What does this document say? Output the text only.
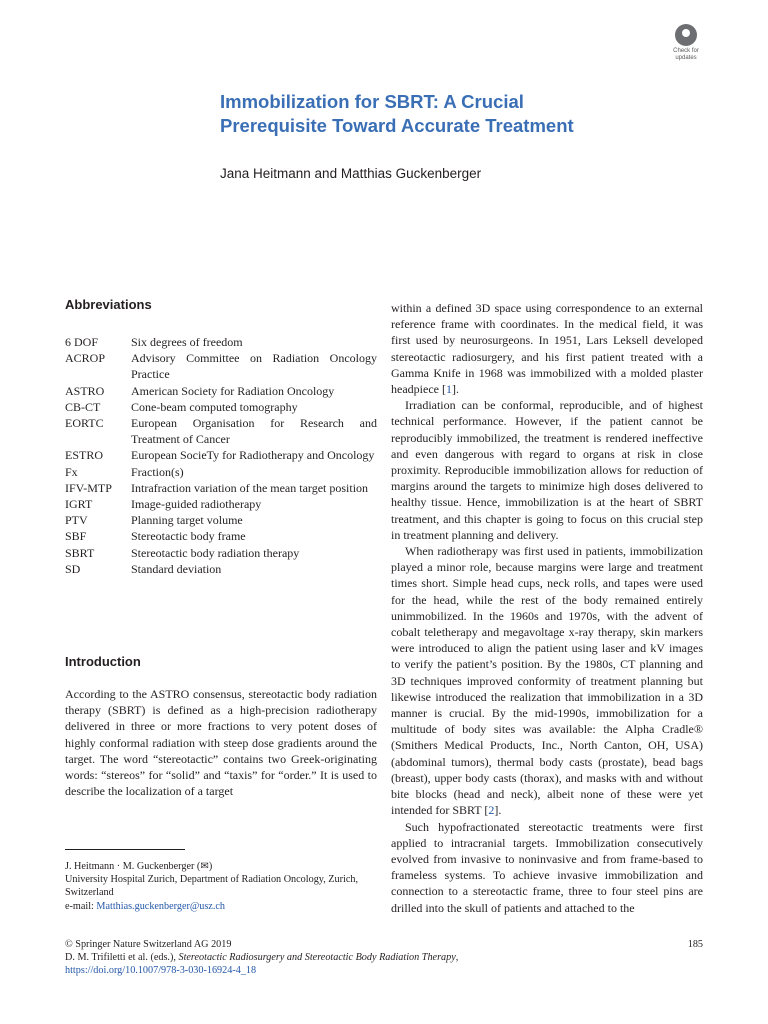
Check for
updates
Immobilization for SBRT: A Crucial
Prerequisite Toward Accurate Treatment
Jana Heitmann and Matthias Guckenberger
Abbreviations
6 DOF	Six degrees of freedom
ACROP	Advisory Committee on Radiation Oncology Practice
ASTRO	American Society for Radiation Oncology
CB-CT	Cone-beam computed tomography
EORTC	European Organisation for Research and Treatment of Cancer
ESTRO	European SocieTy for Radiotherapy and Oncology
Fx	Fraction(s)
IFV-MTP	Intrafraction variation of the mean target position
IGRT	Image-guided radiotherapy
PTV	Planning target volume
SBF	Stereotactic body frame
SBRT	Stereotactic body radiation therapy
SD	Standard deviation
Introduction

According to the ASTRO consensus, stereotactic body radiation therapy (SBRT) is defined as a high-precision radiotherapy delivered in three or more fractions to very potent doses of highly conformal radiation with steep dose gradients around the target. The word “stereotactic” contains two Greek-originating words: “stereos” for “solid” and “taxis” for “order.” It is used to describe the localization of a target

within a defined 3D space using correspondence to an external reference frame with coordinates. In the medical field, it was first used by neurosurgeons. In 1951, Lars Leksell developed stereotactic radiosurgery, and his first patient treated with a Gamma Knife in 1968 was immobilized with a molded plaster headpiece [1].

Irradiation can be conformal, reproducible, and of highest technical performance. However, if the patient cannot be reproducibly immobilized, the treatment is rendered ineffective and even dangerous with regard to organs at risk in close proximity. Reproducible immobilization allows for reduction of margins around the targets to minimize high doses delivered to healthy tissue. Hence, immobilization is at the heart of SBRT treatment, and this chapter is going to focus on this crucial step in treatment planning and delivery.

When radiotherapy was first used in patients, immobilization played a minor role, because margins were large and treatment times short. Simple head cups, neck rolls, and tapes were used for the head, while the rest of the body remained entirely unimmobilized. In the 1960s and 1970s, with the advent of cobalt teletherapy and megavoltage x-ray therapy, skin markers were introduced to align the patient using laser and kV images to verify the patient’s position. By the 1980s, CT planning and 3D techniques improved conformity of treatment planning but likewise introduced the realization that immobilization in a 3D manner is crucial. By the mid-1990s, immobilization for a multitude of body sites was available: the Alpha Cradle® (Smithers Medical Products, Inc., North Canton, OH, USA) (abdominal tumors), thermal body casts (prostate), bead bags (breast), upper body casts (thorax), and masks with and without bite blocks (head and neck), albeit none of these were yet intended for SBRT [2].

Such hypofractionated stereotactic treatments were first applied to intracranial targets. Immobilization consecutively evolved from invasive to noninvasive and from frame-based to frameless systems. To achieve invasive immobilization and connection to a stereotactic frame, three to four steel pins are drilled into the skull of patients and attached to the

J. Heitmann · M. Guckenberger (✉)
University Hospital Zurich, Department of Radiation Oncology, Zurich, Switzerland
e-mail: Matthias.guckenberger@usz.ch
© Springer Nature Switzerland AG 2019
D. M. Trifiletti et al. (eds.), Stereotactic Radiosurgery and Stereotactic Body Radiation Therapy,
https://doi.org/10.1007/978-3-030-16924-4_18
185
